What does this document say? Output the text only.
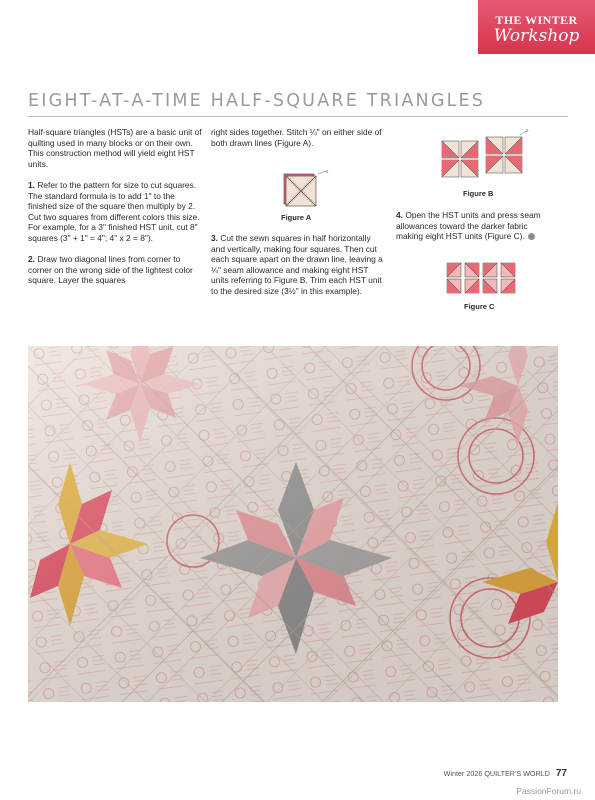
THE WINTER
Workshop
EIGHT-AT-A-TIME HALF-SQUARE TRIANGLES

Half-square triangles (HSTs) are a basic unit of quilting used in many blocks or on their own. This construction method will yield eight HST units.

1. Refer to the pattern for size to cut squares. The standard formula is to add 1" to the finished size of the square then multiply by 2. Cut two squares from different colors this size. For example, for a 3" finished HST unit, cut 8" squares (3" + 1" = 4"; 4" x 2 = 8").

2. Draw two diagonal lines from corner to corner on the wrong side of the lightest color square. Layer the squares

right sides together. Stitch ¼" on either side of both drawn lines (Figure A).

Figure A

3. Cut the sewn squares in half horizontally and vertically, making four squares. Then cut each square apart on the drawn line, leaving a ¼" seam allowance and making eight HST units referring to Figure B. Trim each HST unit to the desired size (3½" in this example).

Figure B

4. Open the HST units and press seam allowances toward the darker fabric making eight HST units (Figure C).

Figure C
Winter 2026 QUILTER'S WORLD 77
PassionForum.ru
